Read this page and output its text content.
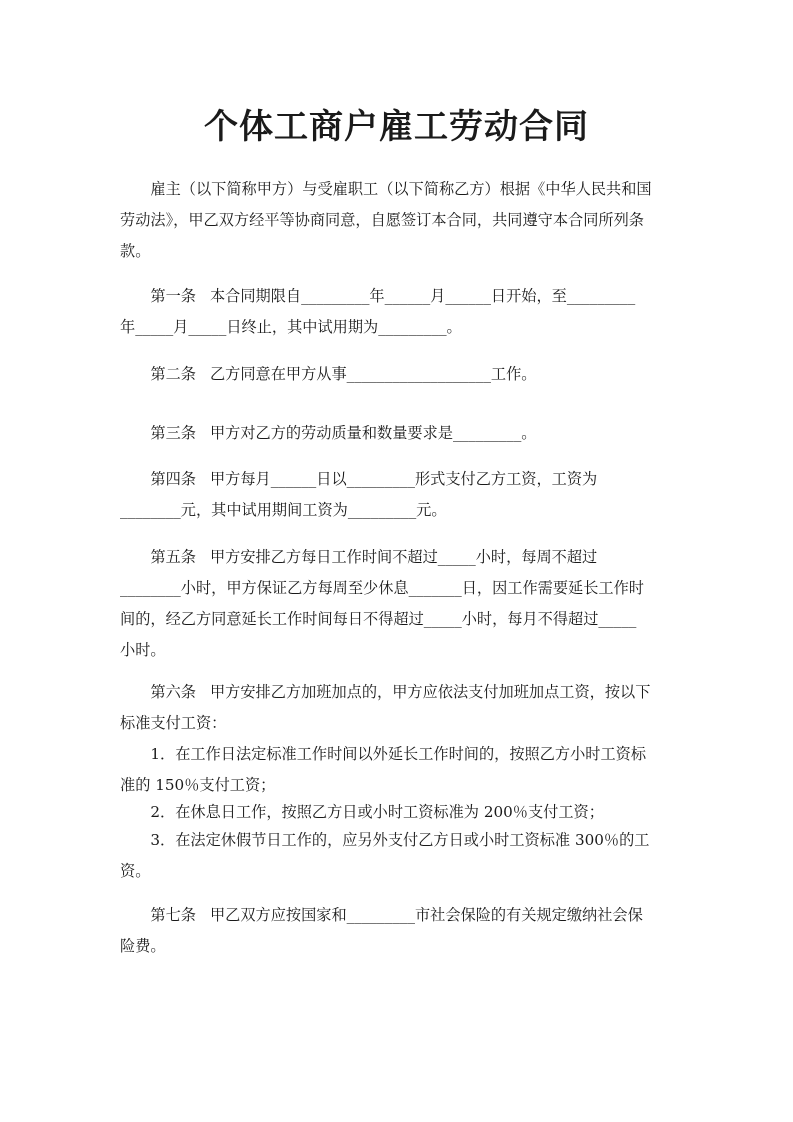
个体工商户雇工劳动合同
雇主（以下简称甲方）与受雇职工（以下简称乙方）根据《中华人民共和国
劳动法》，甲乙双方经平等协商同意，自愿签订本合同，共同遵守本合同所列条
款。
第一条 本合同期限自_________年______月______日开始，至_________
年_____月_____日终止，其中试用期为_________。
第二条 乙方同意在甲方从事___________________工作。
第三条 甲方对乙方的劳动质量和数量要求是_________。
第四条 甲方每月______日以_________形式支付乙方工资，工资为
________元，其中试用期间工资为_________元。
第五条 甲方安排乙方每日工作时间不超过_____小时，每周不超过
________小时，甲方保证乙方每周至少休息_______日，因工作需要延长工作时
间的，经乙方同意延长工作时间每日不得超过_____小时，每月不得超过_____
小时。
第六条 甲方安排乙方加班加点的，甲方应依法支付加班加点工资，按以下
标准支付工资：
1．在工作日法定标准工作时间以外延长工作时间的，按照乙方小时工资标
准的 150％支付工资；
2．在休息日工作，按照乙方日或小时工资标准为 200％支付工资；
3．在法定休假节日工作的，应另外支付乙方日或小时工资标准 300％的工
资。
第七条 甲乙双方应按国家和_________市社会保险的有关规定缴纳社会保
险费。
